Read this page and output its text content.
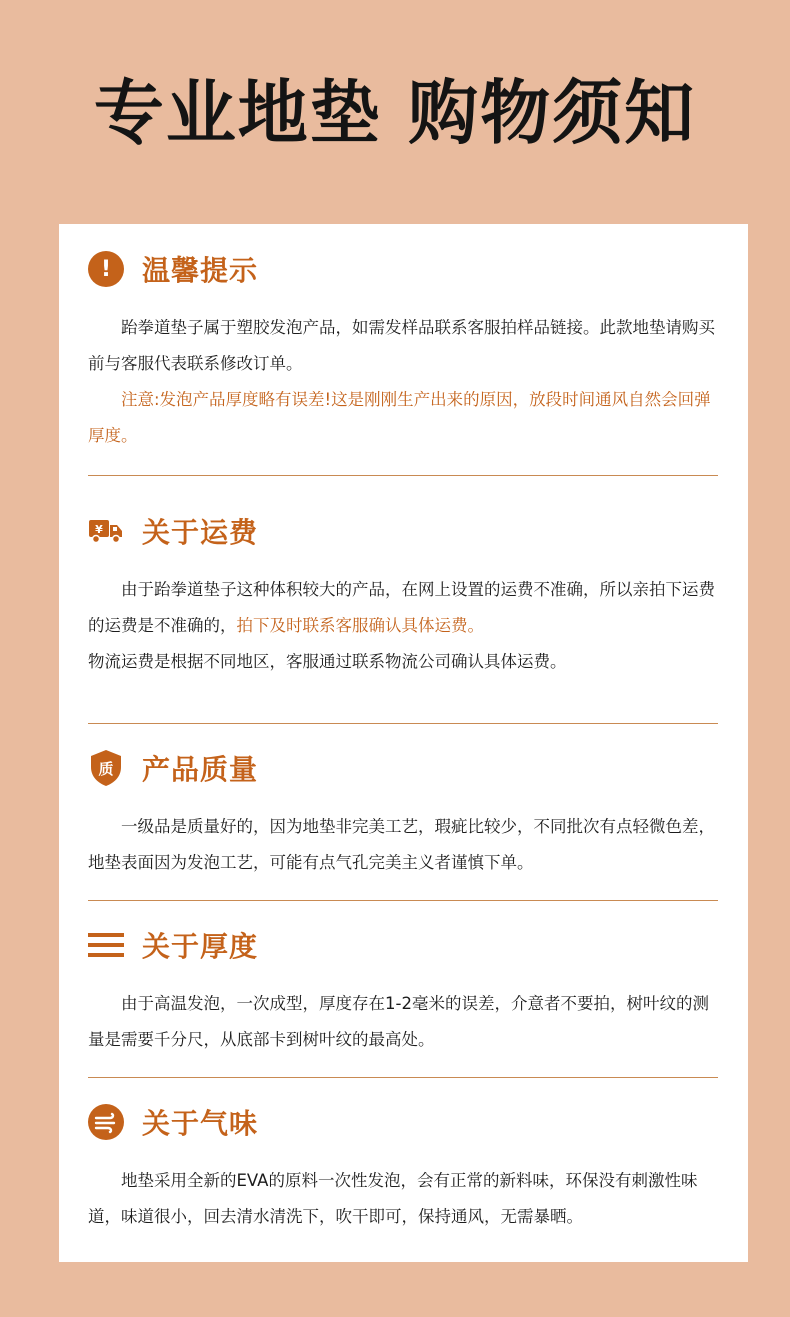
专业地垫 购物须知
!	温馨提示

跆拳道垫子属于塑胶发泡产品，如需发样品联系客服拍样品链接。此款地垫请购买前与客服代表联系修改订单。

注意:发泡产品厚度略有误差!这是刚刚生产出来的原因，放段时间通风自然会回弹厚度。

¥ 关于运费

由于跆拳道垫子这种体积较大的产品，在网上设置的运费不准确，所以亲拍下运费的运费是不准确的，拍下及时联系客服确认具体运费。

物流运费是根据不同地区，客服通过联系物流公司确认具体运费。

质 产品质量

一级品是质量好的，因为地垫非完美工艺，瑕疵比较少，不同批次有点轻微色差，地垫表面因为发泡工艺，可能有点气孔完美主义者谨慎下单。

关于厚度

由于高温发泡，一次成型，厚度存在1-2毫米的误差，介意者不要拍，树叶纹的测量是需要千分尺，从底部卡到树叶纹的最高处。

关于气味

地垫采用全新的EVA的原料一次性发泡，会有正常的新料味，环保没有刺激性味道，味道很小，回去清水清洗下，吹干即可，保持通风，无需暴晒。
